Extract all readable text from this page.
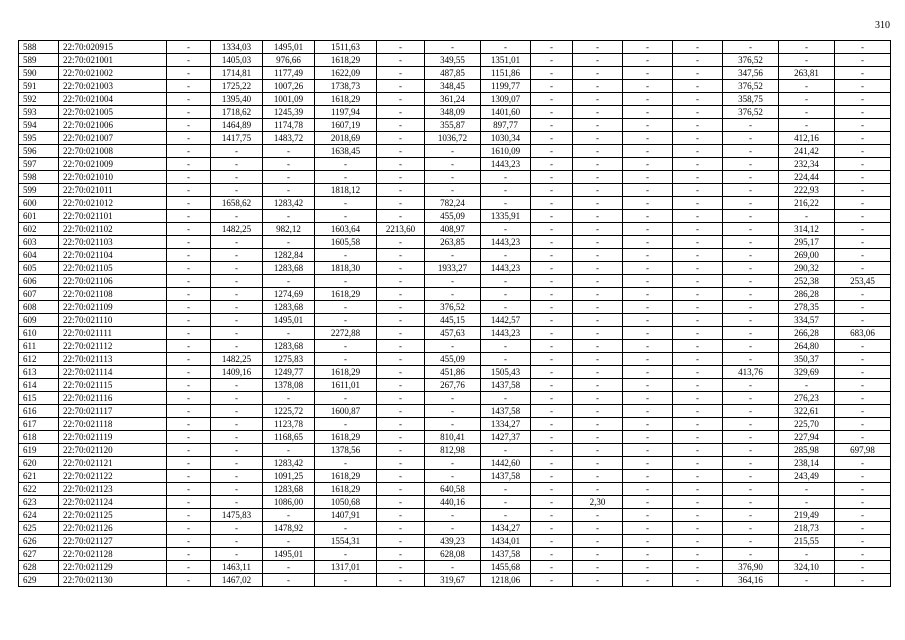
310
588	22:70:020915	-	1334,03	1495,01	1511,63	-	-	-	-	-	-	-	-	-	-
589	22:70:021001	-	1405,03	976,66	1618,29	-	349,55	1351,01	-	-	-	-	376,52	-	-
590	22:70:021002	-	1714,81	1177,49	1622,09	-	487,85	1151,86	-	-	-	-	347,56	263,81	-
591	22:70:021003	-	1725,22	1007,26	1738,73	-	348,45	1199,77	-	-	-	-	376,52	-	-
592	22:70:021004	-	1395,40	1001,09	1618,29	-	361,24	1309,07	-	-	-	-	358,75	-	-
593	22:70:021005	-	1718,62	1245,39	1197,94	-	348,09	1401,60	-	-	-	-	376,52	-	-
594	22:70:021006	-	1464,89	1174,78	1607,19	-	355,87	897,77	-	-	-	-	-	-	-
595	22:70:021007	-	1417,75	1483,72	2018,69	-	1036,72	1030,34	-	-	-	-	-	412,16	-
596	22:70:021008	-	-	-	1638,45	-	-	1610,09	-	-	-	-	-	241,42	-
597	22:70:021009	-	-	-	-	-	-	1443,23	-	-	-	-	-	232,34	-
598	22:70:021010	-	-	-	-	-	-	-	-	-	-	-	-	224,44	-
599	22:70:021011	-	-	-	1818,12	-	-	-	-	-	-	-	-	222,93	-
600	22:70:021012	-	1658,62	1283,42	-	-	782,24	-	-	-	-	-	-	216,22	-
601	22:70:021101	-	-	-	-	-	455,09	1335,91	-	-	-	-	-	-	-
602	22:70:021102	-	1482,25	982,12	1603,64	2213,60	408,97	-	-	-	-	-	-	314,12	-
603	22:70:021103	-	-	-	1605,58	-	263,85	1443,23	-	-	-	-	-	295,17	-
604	22:70:021104	-	-	1282,84	-	-	-	-	-	-	-	-	-	269,00	-
605	22:70:021105	-	-	1283,68	1818,30	-	1933,27	1443,23	-	-	-	-	-	290,32	-
606	22:70:021106	-	-	-	-	-	-	-	-	-	-	-	-	252,38	253,45
607	22:70:021108	-	-	1274,69	1618,29	-	-	-	-	-	-	-	-	286,28	-
608	22:70:021109	-	-	1283,68	-	-	376,52	-	-	-	-	-	-	278,35	-
609	22:70:021110	-	-	1495,01	-	-	445,15	1442,57	-	-	-	-	-	334,57	-
610	22:70:021111	-	-	-	2272,88	-	457,63	1443,23	-	-	-	-	-	266,28	683,06
611	22:70:021112	-	-	1283,68	-	-	-	-	-	-	-	-	-	264,80	-
612	22:70:021113	-	1482,25	1275,83	-	-	455,09	-	-	-	-	-	-	350,37	-
613	22:70:021114	-	1409,16	1249,77	1618,29	-	451,86	1505,43	-	-	-	-	413,76	329,69	-
614	22:70:021115	-	-	1378,08	1611,01	-	267,76	1437,58	-	-	-	-	-	-	-
615	22:70:021116	-	-	-	-	-	-	-	-	-	-	-	-	276,23	-
616	22:70:021117	-	-	1225,72	1600,87	-	-	1437,58	-	-	-	-	-	322,61	-
617	22:70:021118	-	-	1123,78	-	-	-	1334,27	-	-	-	-	-	225,70	-
618	22:70:021119	-	-	1168,65	1618,29	-	810,41	1427,37	-	-	-	-	-	227,94	-
619	22:70:021120	-	-	-	1378,56	-	812,98	-	-	-	-	-	-	285,98	697,98
620	22:70:021121	-	-	1283,42	-	-	-	1442,60	-	-	-	-	-	238,14	-
621	22:70:021122	-	-	1091,25	1618,29	-	-	1437,58	-	-	-	-	-	243,49	-
622	22:70:021123	-	-	1283,68	1618,29	-	640,58	-	-	-	-	-	-	-	-
623	22:70:021124	-	-	1086,00	1050,68	-	440,16	-	-	2,30	-	-	-	-	-
624	22:70:021125	-	1475,83	-	1407,91	-	-	-	-	-	-	-	-	219,49	-
625	22:70:021126	-	-	1478,92	-	-	-	1434,27	-	-	-	-	-	218,73	-
626	22:70:021127	-	-	-	1554,31	-	439,23	1434,01	-	-	-	-	-	215,55	-
627	22:70:021128	-	-	1495,01	-	-	628,08	1437,58	-	-	-	-	-	-	-
628	22:70:021129	-	1463,11	-	1317,01	-	-	1455,68	-	-	-	-	376,90	324,10	-
629	22:70:021130	-	1467,02	-	-	-	319,67	1218,06	-	-	-	-	364,16	-	-
